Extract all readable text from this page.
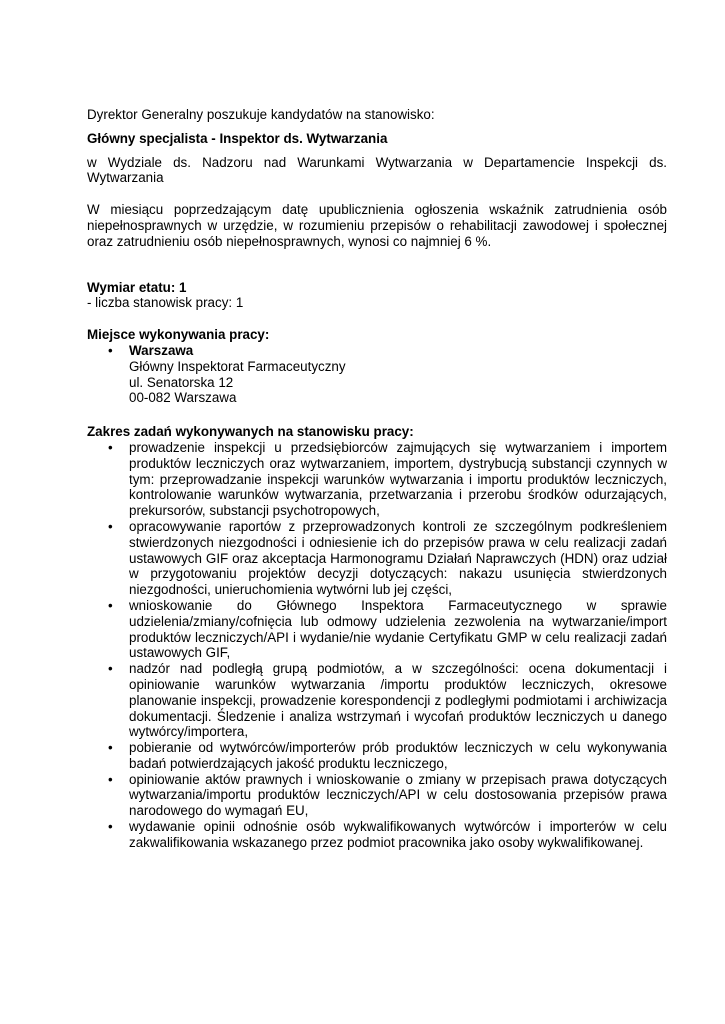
Dyrektor Generalny poszukuje kandydatów na stanowisko:

Główny specjalista - Inspektor ds. Wytwarzania

w Wydziale ds. Nadzoru nad Warunkami Wytwarzania w Departamencie Inspekcji ds. Wytwarzania

W miesiącu poprzedzającym datę upublicznienia ogłoszenia wskaźnik zatrudnienia osób niepełnosprawnych w urzędzie, w rozumieniu przepisów o rehabilitacji zawodowej i społecznej oraz zatrudnieniu osób niepełnosprawnych, wynosi co najmniej 6 %.

Wymiar etatu: 1

- liczba stanowisk pracy: 1

Miejsce wykonywania pracy:

• Warszawa
Główny Inspektorat Farmaceutyczny
ul. Senatorska 12
00-082 Warszawa

Zakres zadań wykonywanych na stanowisku pracy:

• prowadzenie inspekcji u przedsiębiorców zajmujących się wytwarzaniem i importem produktów leczniczych oraz wytwarzaniem, importem, dystrybucją substancji czynnych w tym: przeprowadzanie inspekcji warunków wytwarzania i importu produktów leczniczych, kontrolowanie warunków wytwarzania, przetwarzania i przerobu środków odurzających, prekursorów, substancji psychotropowych,
• opracowywanie raportów z przeprowadzonych kontroli ze szczególnym podkreśleniem stwierdzonych niezgodności i odniesienie ich do przepisów prawa w celu realizacji zadań ustawowych GIF oraz akceptacja Harmonogramu Działań Naprawczych (HDN) oraz udział w przygotowaniu projektów decyzji dotyczących: nakazu usunięcia stwierdzonych niezgodności, unieruchomienia wytwórni lub jej części,
• wnioskowanie do Głównego Inspektora Farmaceutycznego w sprawie udzielenia/zmiany/cofnięcia lub odmowy udzielenia zezwolenia na wytwarzanie/import produktów leczniczych/API i wydanie/nie wydanie Certyfikatu GMP w celu realizacji zadań ustawowych GIF,
• nadzór nad podległą grupą podmiotów, a w szczególności: ocena dokumentacji i opiniowanie warunków wytwarzania /importu produktów leczniczych, okresowe planowanie inspekcji, prowadzenie korespondencji z podległymi podmiotami i archiwizacja dokumentacji. Śledzenie i analiza wstrzymań i wycofań produktów leczniczych u danego wytwórcy/importera,
• pobieranie od wytwórców/importerów prób produktów leczniczych w celu wykonywania badań potwierdzających jakość produktu leczniczego,
• opiniowanie aktów prawnych i wnioskowanie o zmiany w przepisach prawa dotyczących wytwarzania/importu produktów leczniczych/API w celu dostosowania przepisów prawa narodowego do wymagań EU,
• wydawanie opinii odnośnie osób wykwalifikowanych wytwórców i importerów w celu zakwalifikowania wskazanego przez podmiot pracownika jako osoby wykwalifikowanej.
